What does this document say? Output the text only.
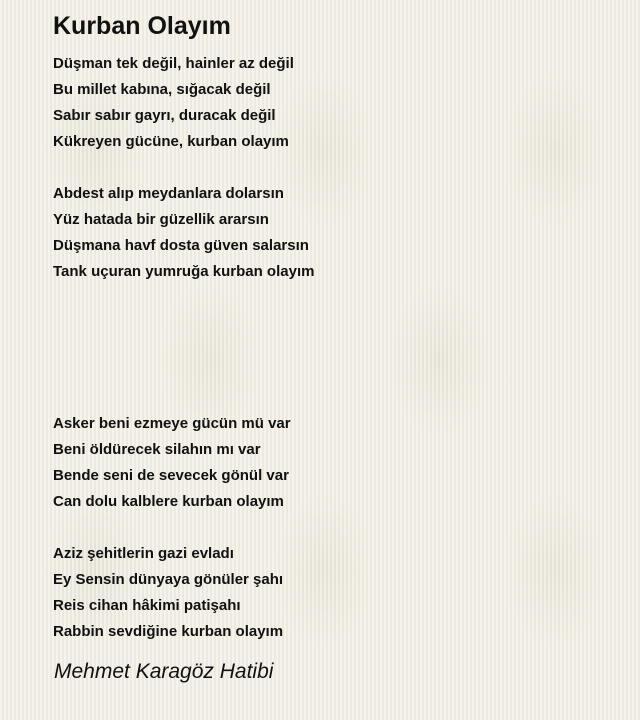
Kurban Olayım
Düşman tek değil, hainler az değil
Bu millet kabına, sığacak değil
Sabır sabır gayrı, duracak değil
Kükreyen gücüne, kurban olayım
Abdest alıp meydanlara dolarsın
Yüz hatada bir güzellik ararsın
Düşmana havf dosta güven salarsın
Tank uçuran yumruğa kurban olayım
Asker beni ezmeye gücün mü var
Beni öldürecek silahın mı var
Bende seni de sevecek gönül var
Can dolu kalblere kurban olayım
Aziz şehitlerin gazi evladı
Ey Sensin dünyaya gönüler şahı
Reis cihan hâkimi patişahı
Rabbin sevdiğine kurban olayım

Mehmet Karagöz Hatibi
